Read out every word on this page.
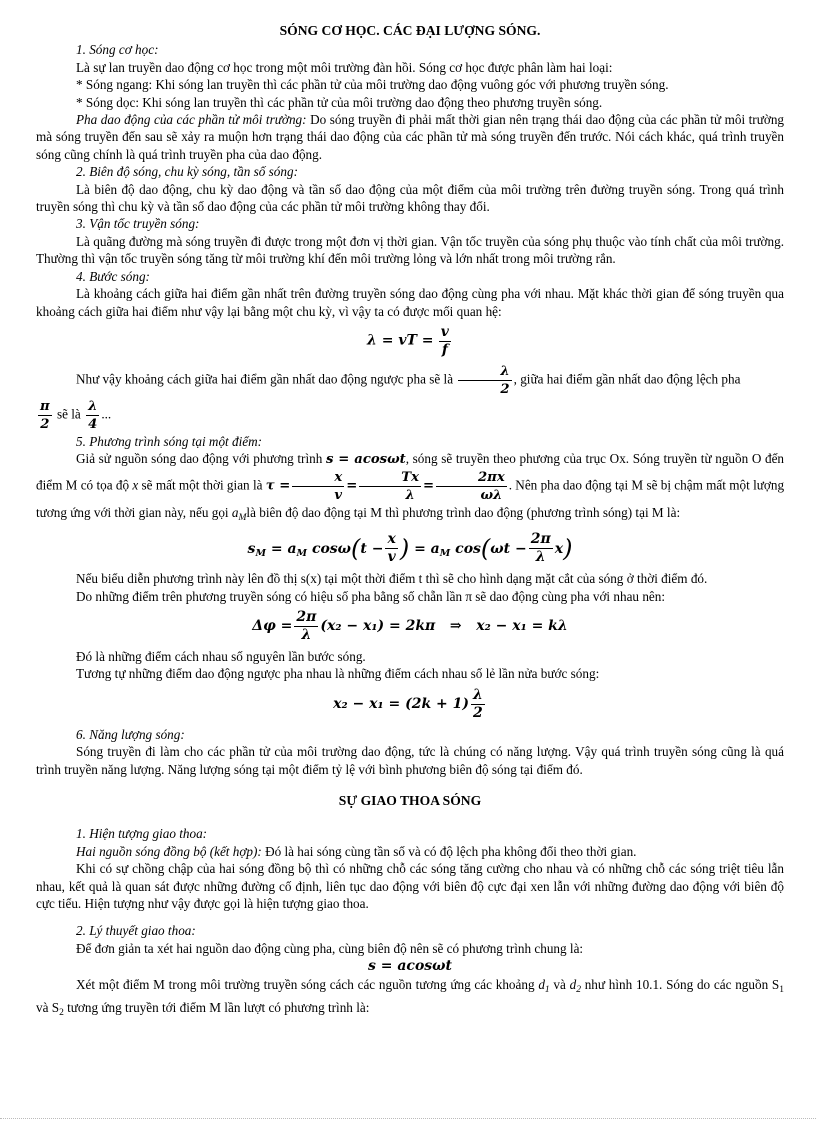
SÓNG CƠ HỌC. CÁC ĐẠI LƯỢNG SÓNG.

1. Sóng cơ học:

Là sự lan truyền dao động cơ học trong một môi trường đàn hồi. Sóng cơ học được phân làm hai loại:

* Sóng ngang: Khi sóng lan truyền thì các phần tử của môi trường dao động vuông góc với phương truyền sóng.

* Sóng dọc: Khi sóng lan truyền thì các phần tử của môi trường dao động theo phương truyền sóng.

Pha dao động của các phần tử môi trường: Do sóng truyền đi phải mất thời gian nên trạng thái dao động của các phần tử môi trường mà sóng truyền đến sau sẽ xảy ra muộn hơn trạng thái dao động của các phần tử mà sóng truyền đến trước. Nói cách khác, quá trình truyền sóng cũng chính là quá trình truyền pha của dao động.

2. Biên độ sóng, chu kỳ sóng, tần số sóng:

Là biên độ dao động, chu kỳ dao động và tần số dao động của một điểm của môi trường trên đường truyền sóng. Trong quá trình truyền sóng thì chu kỳ và tần số dao động của các phần tử môi trường không thay đổi.

3. Vận tốc truyền sóng:

Là quãng đường mà sóng truyền đi được trong một đơn vị thời gian. Vận tốc truyền của sóng phụ thuộc vào tính chất của môi trường. Thường thì vận tốc truyền sóng tăng từ môi trường khí đến môi trường lỏng và lớn nhất trong môi trường rắn.

4. Bước sóng:

Là khoảng cách giữa hai điểm gần nhất trên đường truyền sóng dao động cùng pha với nhau. Mặt khác thời gian để sóng truyền qua khoảng cách giữa hai điểm như vậy lại bằng một chu kỳ, vì vậy ta có được mối quan hệ:

λ = vT = $\frac{v}{f}$

Như vậy khoảng cách giữa hai điểm gần nhất dao động ngược pha sẽ là $\frac{\lambda}{2}$ , giữa hai điểm gần nhất dao động lệch pha

$\frac{\pi}{2}$ sẽ là $\frac{\lambda}{4}$ ...

5. Phương trình sóng tại một điểm:

Giả sử nguồn sóng dao động với phương trình s = acosωt, sóng sẽ truyền theo phương của trục Ox. Sóng truyền từ nguồn O đến điểm M có tọa độ x sẽ mất một thời gian là $\tau = \frac{x}{v} = \frac{Tx}{\lambda} = \frac{2\pi x}{\omega\lambda}$ . Nên pha dao động tại M sẽ bị chậm mất một lượng tương ứng với thời gian này, nếu gọi $a_Mlà$ biên độ dao động tại M thì phương trình dao động (phương trình sóng) tại M là:

$s_M = a_M$ $\cos\omega(t - \frac{x}{v}$ ) = $a_M$ $\cos(\omega t - \frac{2\pi}{\lambda} x)$

Nếu biểu diễn phương trình này lên đồ thị s(x) tại một thời điểm t thì sẽ cho hình dạng mặt cắt của sóng ở thời điểm đó.

Do những điểm trên phương truyền sóng có hiệu số pha bằng số chẵn lần π sẽ dao động cùng pha với nhau nên:

$\Delta\varphi = \frac{2\pi}{\lambda} (x_2 - x_1) = 2k\pi$ ⇒ x₂ − x₁ = kλ

Đó là những điểm cách nhau số nguyên lần bước sóng.

Tương tự những điểm dao động ngược pha nhau là những điểm cách nhau số lẻ lần nửa bước sóng:

$x_2 - x_1 = (2k + 1) \frac{\lambda}{2}$

6. Năng lượng sóng:

Sóng truyền đi làm cho các phần tử của môi trường dao động, tức là chúng có năng lượng. Vậy quá trình truyền sóng cũng là quá trình truyền năng lượng. Năng lượng sóng tại một điểm tỷ lệ với bình phương biên độ sóng tại điểm đó.

SỰ GIAO THOA SÓNG

1. Hiện tượng giao thoa:

Hai nguồn sóng đồng bộ (kết hợp): Đó là hai sóng cùng tần số và có độ lệch pha không đổi theo thời gian.

Khi có sự chồng chập của hai sóng đồng bộ thì có những chỗ các sóng tăng cường cho nhau và có những chỗ các sóng triệt tiêu lẫn nhau, kết quả là quan sát được những đường cố định, liên tục dao động với biên độ cực đại xen lẫn với những đường dao động với biên độ cực tiểu. Hiện tượng như vậy được gọi là hiện tượng giao thoa.

2. Lý thuyết giao thoa:

Để đơn giản ta xét hai nguồn dao động cùng pha, cùng biên độ nên sẽ có phương trình chung là:

s = acosωt

Xét một điểm M trong môi trường truyền sóng cách các nguồn tương ứng các khoảng $d_1$ và $d_2$ như hình 10.1. Sóng do các nguồn $S_1$ và $S_2$ tương ứng truyền tới điểm M lần lượt có phương trình là:
